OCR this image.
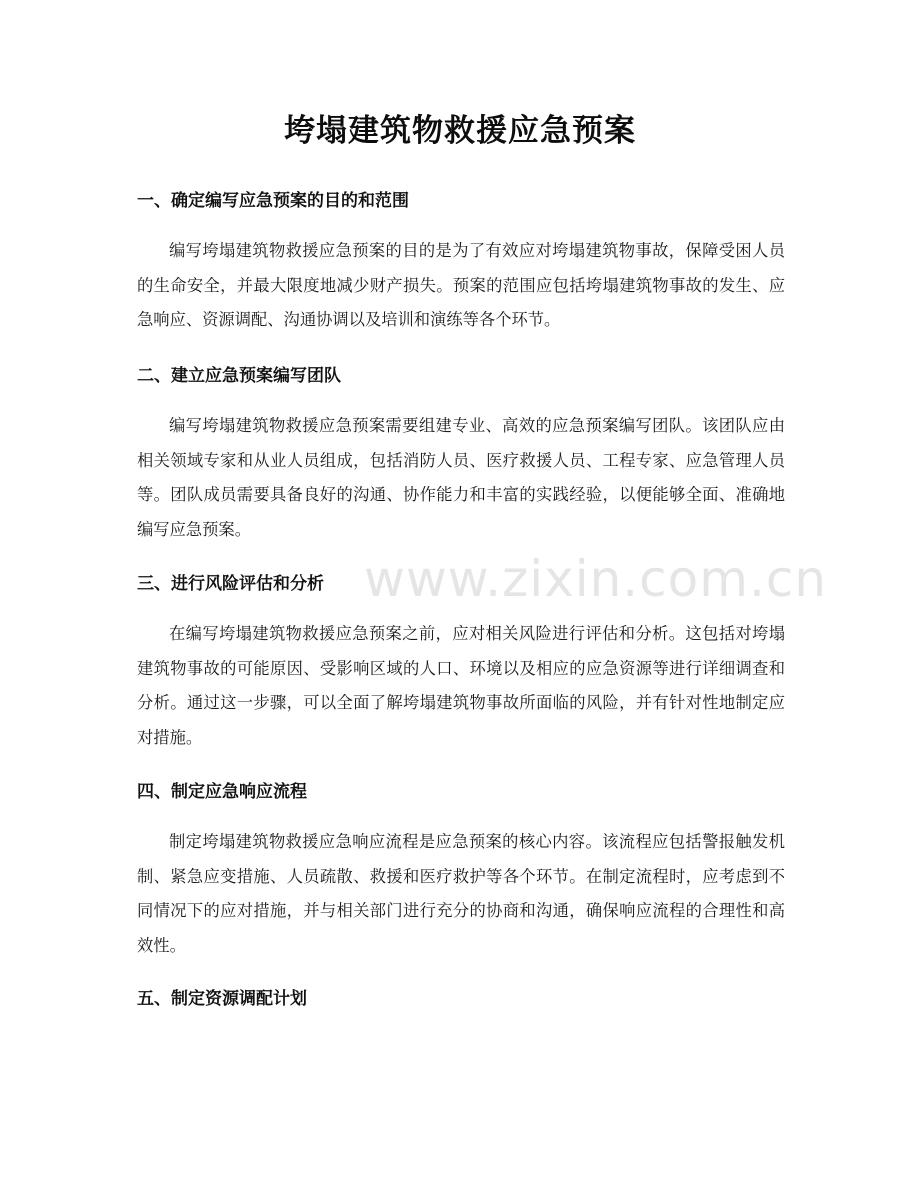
垮塌建筑物救援应急预案
一、确定编写应急预案的目的和范围

编写垮塌建筑物救援应急预案的目的是为了有效应对垮塌建筑物事故，保障受困人员的生命安全，并最大限度地减少财产损失。预案的范围应包括垮塌建筑物事故的发生、应急响应、资源调配、沟通协调以及培训和演练等各个环节。

二、建立应急预案编写团队

编写垮塌建筑物救援应急预案需要组建专业、高效的应急预案编写团队。该团队应由相关领域专家和从业人员组成，包括消防人员、医疗救援人员、工程专家、应急管理人员等。团队成员需要具备良好的沟通、协作能力和丰富的实践经验，以便能够全面、准确地编写应急预案。

三、进行风险评估和分析

在编写垮塌建筑物救援应急预案之前，应对相关风险进行评估和分析。这包括对垮塌建筑物事故的可能原因、受影响区域的人口、环境以及相应的应急资源等进行详细调查和分析。通过这一步骤，可以全面了解垮塌建筑物事故所面临的风险，并有针对性地制定应对措施。

四、制定应急响应流程

制定垮塌建筑物救援应急响应流程是应急预案的核心内容。该流程应包括警报触发机制、紧急应变措施、人员疏散、救援和医疗救护等各个环节。在制定流程时，应考虑到不同情况下的应对措施，并与相关部门进行充分的协商和沟通，确保响应流程的合理性和高效性。

五、制定资源调配计划
www.zixin.com.cn
